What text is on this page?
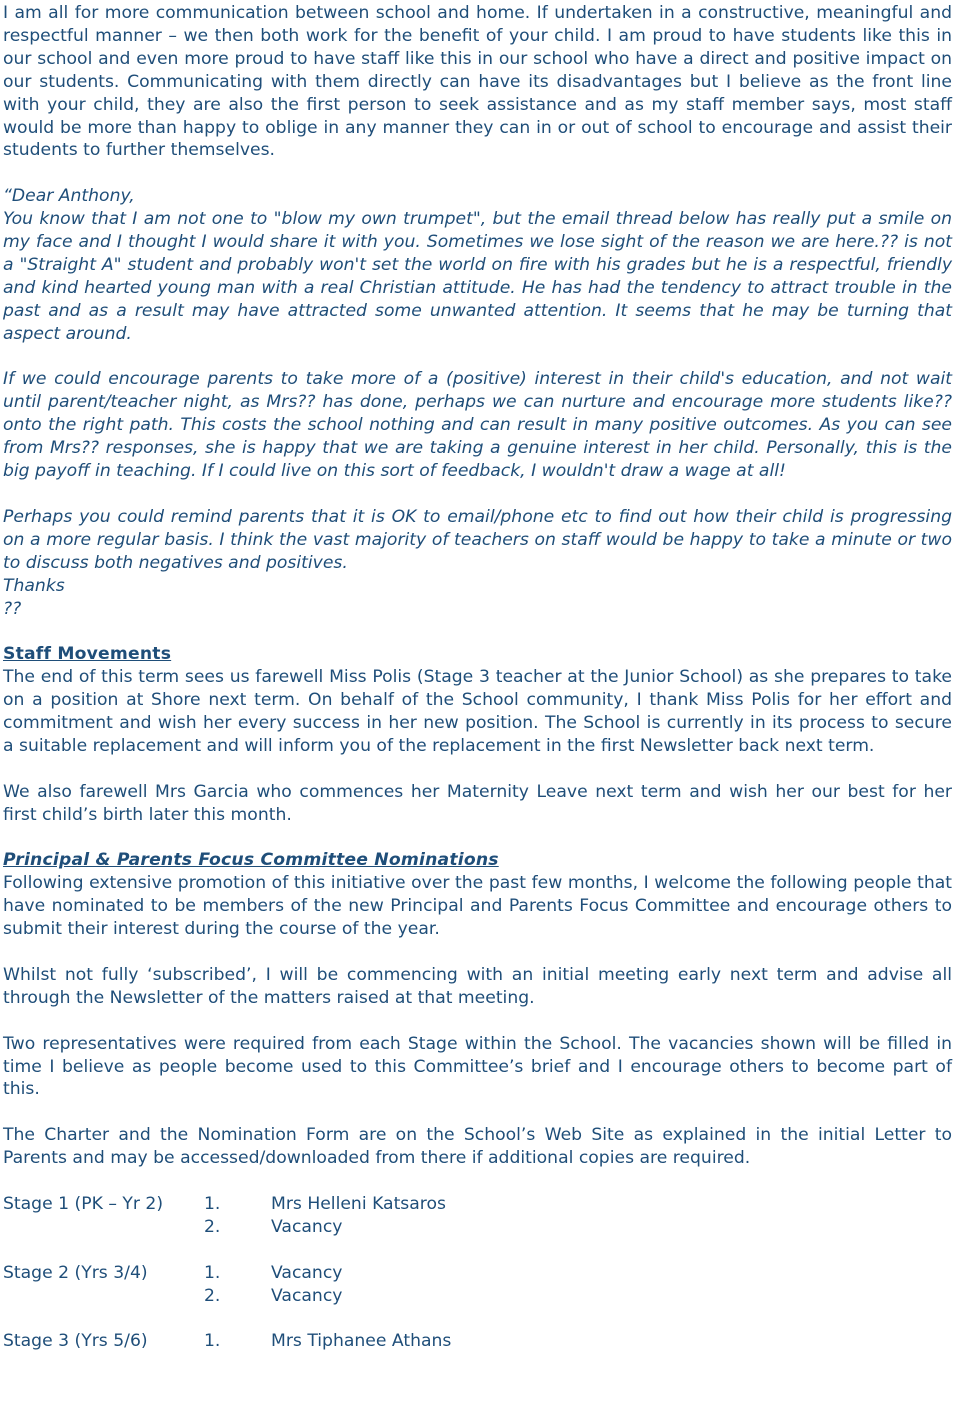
I am all for more communication between school and home. If undertaken in a constructive, meaningful and respectful manner – we then both work for the benefit of your child. I am proud to have students like this in our school and even more proud to have staff like this in our school who have a direct and positive impact on our students. Communicating with them directly can have its disadvantages but I believe as the front line with your child, they are also the first person to seek assistance and as my staff member says, most staff would be more than happy to oblige in any manner they can in or out of school to encourage and assist their students to further themselves.

“Dear Anthony,

You know that I am not one to "blow my own trumpet", but the email thread below has really put a smile on my face and I thought I would share it with you. Sometimes we lose sight of the reason we are here.?? is not a "Straight A" student and probably won't set the world on fire with his grades but he is a respectful, friendly and kind hearted young man with a real Christian attitude. He has had the tendency to attract trouble in the past and as a result may have attracted some unwanted attention. It seems that he may be turning that aspect around.

If we could encourage parents to take more of a (positive) interest in their child's education, and not wait until parent/teacher night, as Mrs?? has done, perhaps we can nurture and encourage more students like?? onto the right path. This costs the school nothing and can result in many positive outcomes. As you can see from Mrs?? responses, she is happy that we are taking a genuine interest in her child. Personally, this is the big payoff in teaching. If I could live on this sort of feedback, I wouldn't draw a wage at all!

Perhaps you could remind parents that it is OK to email/phone etc to find out how their child is progressing on a more regular basis. I think the vast majority of teachers on staff would be happy to take a minute or two to discuss both negatives and positives.

Thanks

??

Staff Movements

The end of this term sees us farewell Miss Polis (Stage 3 teacher at the Junior School) as she prepares to take on a position at Shore next term. On behalf of the School community, I thank Miss Polis for her effort and commitment and wish her every success in her new position. The School is currently in its process to secure a suitable replacement and will inform you of the replacement in the first Newsletter back next term.

We also farewell Mrs Garcia who commences her Maternity Leave next term and wish her our best for her first child’s birth later this month.

Principal & Parents Focus Committee Nominations

Following extensive promotion of this initiative over the past few months, I welcome the following people that have nominated to be members of the new Principal and Parents Focus Committee and encourage others to submit their interest during the course of the year.

Whilst not fully ‘subscribed’, I will be commencing with an initial meeting early next term and advise all through the Newsletter of the matters raised at that meeting.

Two representatives were required from each Stage within the School. The vacancies shown will be filled in time I believe as people become used to this Committee’s brief and I encourage others to become part of this.

The Charter and the Nomination Form are on the School’s Web Site as explained in the initial Letter to Parents and may be accessed/downloaded from there if additional copies are required.

Stage 1 (PK – Yr 2)	1.	Mrs Helleni Katsaros
	2.	Vacancy

Stage 2 (Yrs 3/4)	1.	Vacancy
	2.	Vacancy

Stage 3 (Yrs 5/6)	1.	Mrs Tiphanee Athans
